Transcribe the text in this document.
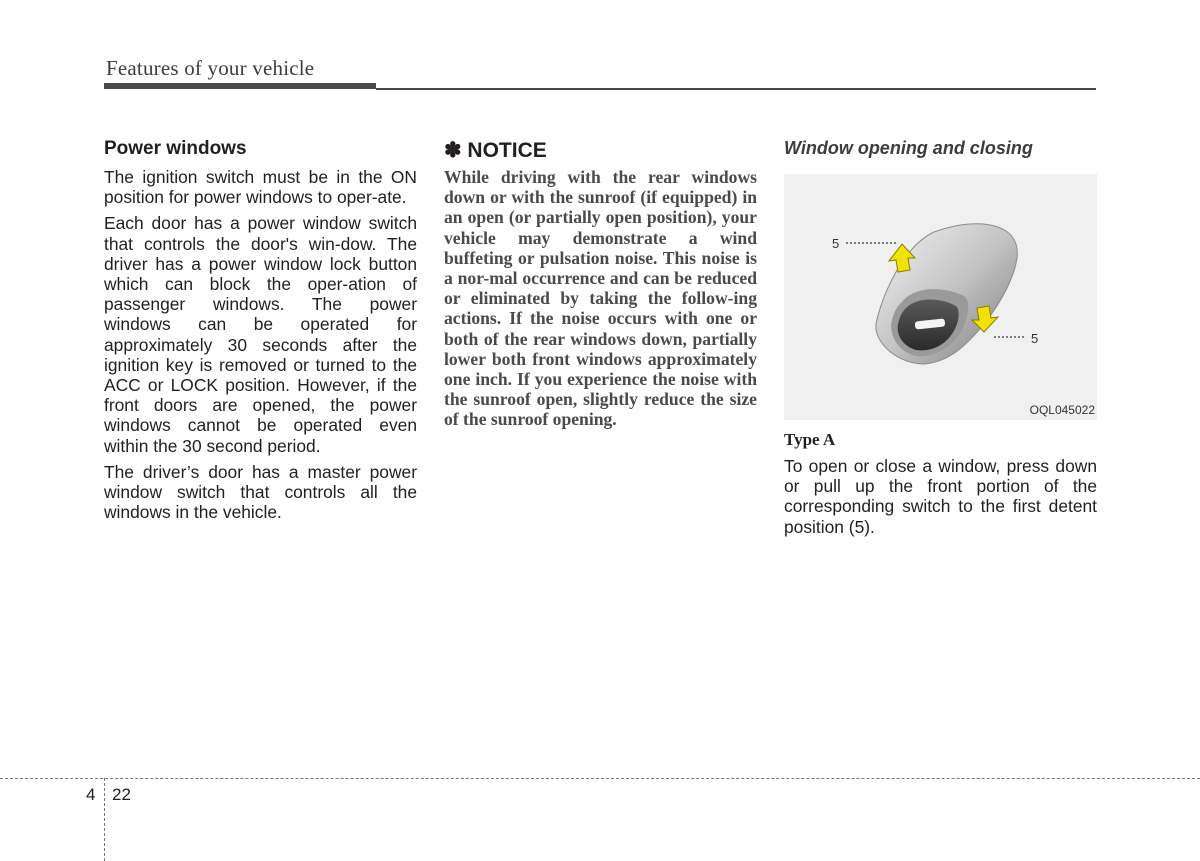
Features of your vehicle
Power windows

The ignition switch must be in the ON position for power windows to oper-ate.

Each door has a power window switch that controls the door's win-dow. The driver has a power window lock button which can block the oper-ation of passenger windows. The power windows can be operated for approximately 30 seconds after the ignition key is removed or turned to the ACC or LOCK position. However, if the front doors are opened, the power windows cannot be operated even within the 30 second period.

The driver’s door has a master power window switch that controls all the windows in the vehicle.

✽ NOTICE

While driving with the rear windows down or with the sunroof (if equipped) in an open (or partially open position), your vehicle may demonstrate a wind buffeting or pulsation noise. This noise is a nor-mal occurrence and can be reduced or eliminated by taking the follow-ing actions. If the noise occurs with one or both of the rear windows down, partially lower both front windows approximately one inch. If you experience the noise with the sunroof open, slightly reduce the size of the sunroof opening.

Window opening and closing
5
5
OQL045022
Type A

To open or close a window, press down or pull up the front portion of the corresponding switch to the first detent position (5).

4 22
